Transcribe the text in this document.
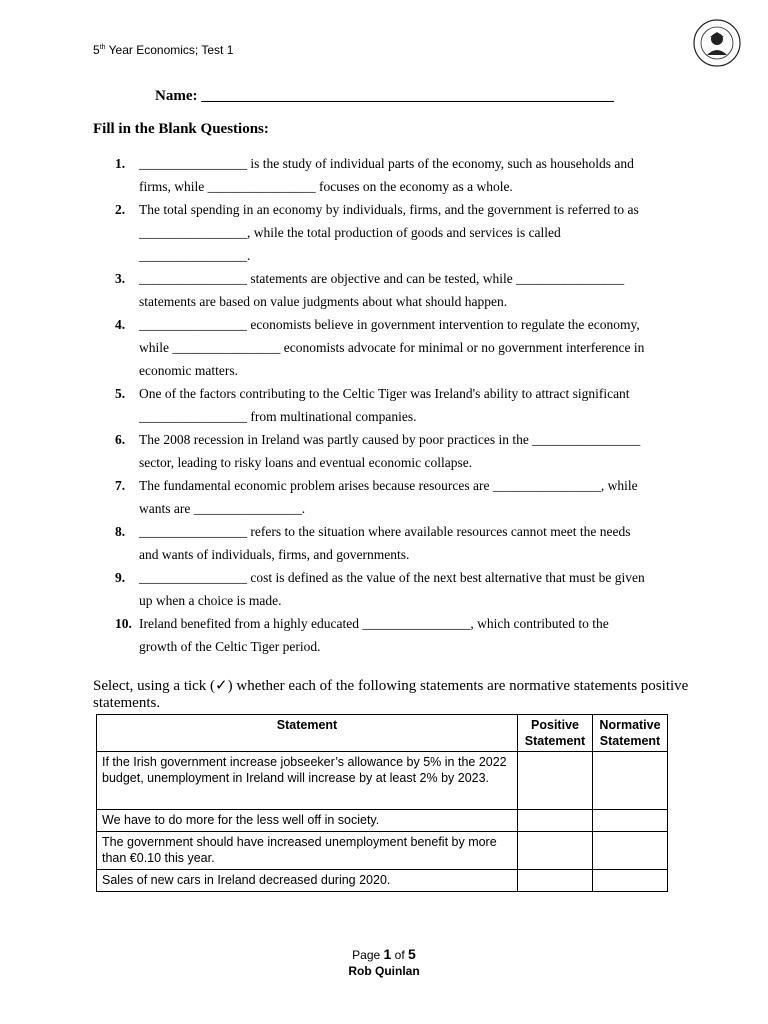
5th Year Economics; Test 1
· · · · · · ·
Name: _______________________________________________________
Fill in the Blank Questions:
1. ________________ is the study of individual parts of the economy, such as households and
firms, while ________________ focuses on the economy as a whole.
2. The total spending in an economy by individuals, firms, and the government is referred to as
________________, while the total production of goods and services is called
________________.
3. ________________ statements are objective and can be tested, while ________________
statements are based on value judgments about what should happen.
4. ________________ economists believe in government intervention to regulate the economy,
while ________________ economists advocate for minimal or no government interference in
economic matters.
5. One of the factors contributing to the Celtic Tiger was Ireland's ability to attract significant
________________ from multinational companies.
6. The 2008 recession in Ireland was partly caused by poor practices in the ________________
sector, leading to risky loans and eventual economic collapse.
7. The fundamental economic problem arises because resources are ________________, while
wants are ________________.
8. ________________ refers to the situation where available resources cannot meet the needs
and wants of individuals, firms, and governments.
9. ________________ cost is defined as the value of the next best alternative that must be given
up when a choice is made.
10. Ireland benefited from a highly educated ________________, which contributed to the
growth of the Celtic Tiger period.
Select, using a tick (✓) whether each of the following statements are normative statements positive statements.
Statement	Positive Statement	Normative Statement
If the Irish government increase jobseeker’s allowance by 5% in the 2022 budget, unemployment in Ireland will increase by at least 2% by 2023.		
We have to do more for the less well off in society.		
The government should have increased unemployment benefit by more than €0.10 this year.		
Sales of new cars in Ireland decreased during 2020.		
Page 1 of 5
Rob Quinlan
